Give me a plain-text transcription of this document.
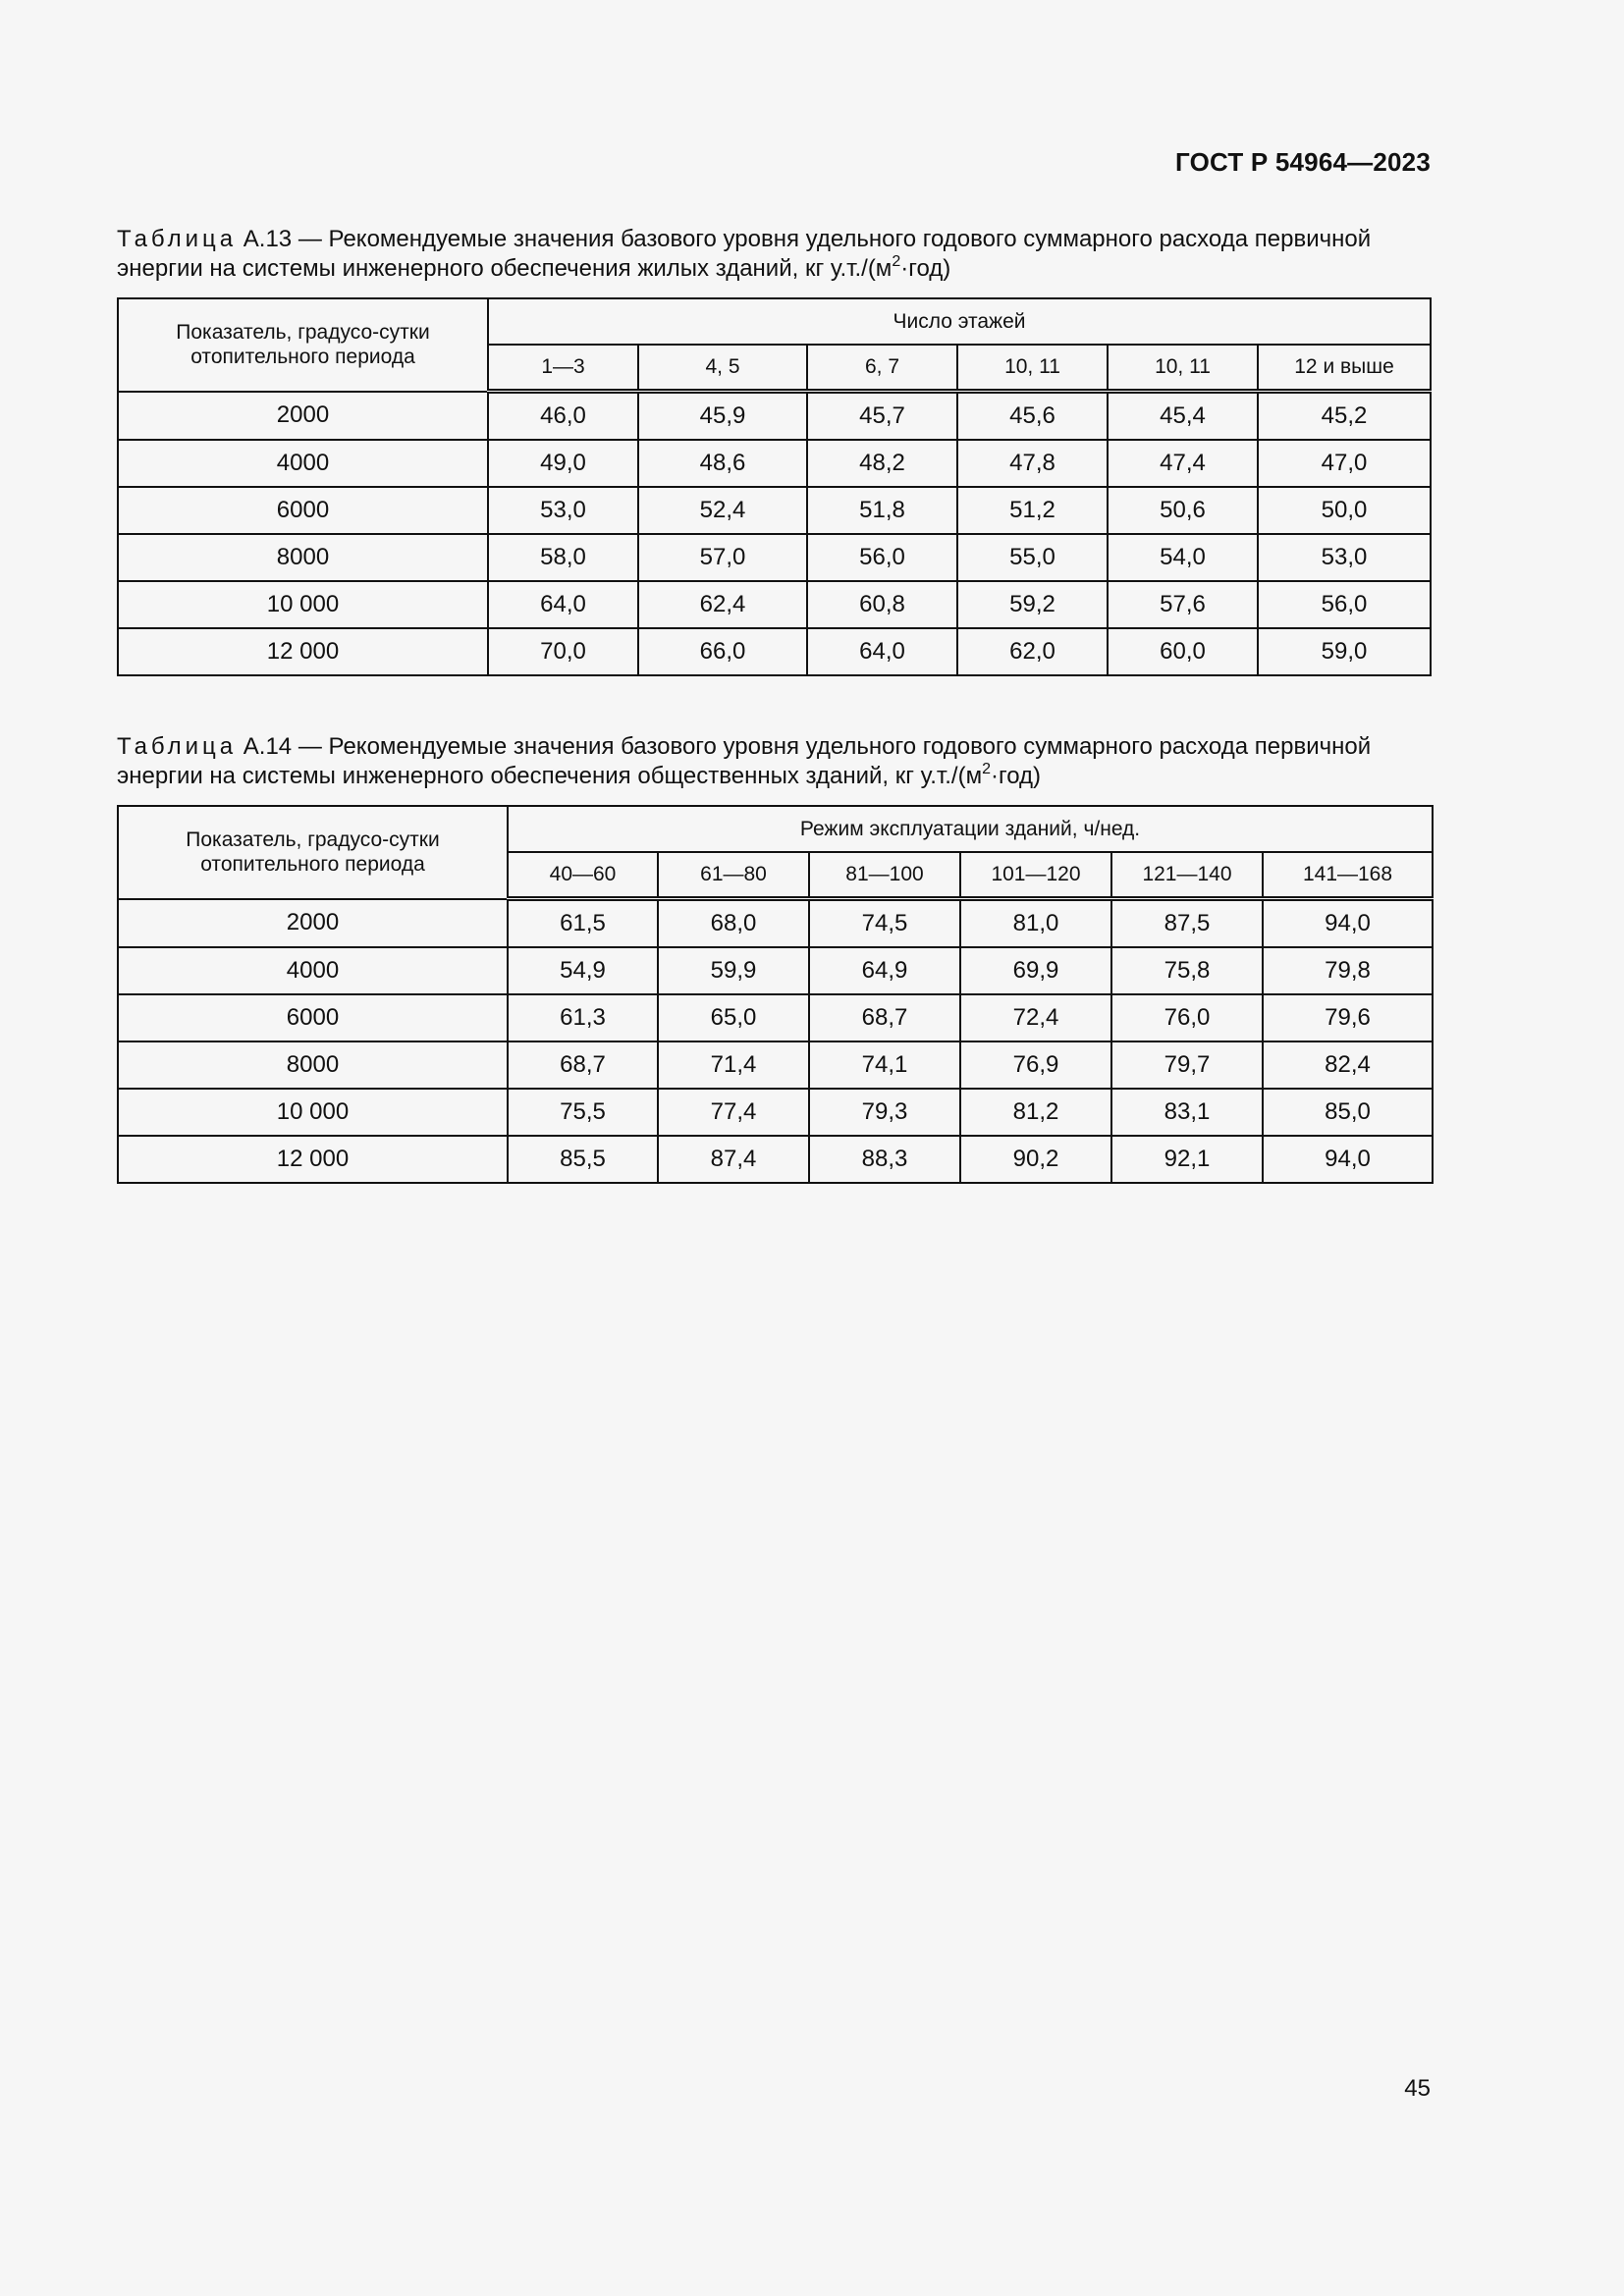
ГОСТ Р 54964—2023
Таблица А.13 — Рекомендуемые значения базового уровня удельного годового суммарного расхода первичной энергии на системы инженерного обеспечения жилых зданий, кг $у.т./(м^2\cdot год)$
Показатель, градусо-сутки отопительного периода	Число этажей					
	1—3	4, 5	6, 7	10, 11	10, 11	12 и выше
2000	46,0	45,9	45,7	45,6	45,4	45,2
4000	49,0	48,6	48,2	47,8	47,4	47,0
6000	53,0	52,4	51,8	51,2	50,6	50,0
8000	58,0	57,0	56,0	55,0	54,0	53,0
10 000	64,0	62,4	60,8	59,2	57,6	56,0
12 000	70,0	66,0	64,0	62,0	60,0	59,0
Таблица А.14 — Рекомендуемые значения базового уровня удельного годового суммарного расхода первичной энергии на системы инженерного обеспечения общественных зданий, кг $у.т./(м^2\cdot год)$
Показатель, градусо-сутки отопительного периода	Режим эксплуатации зданий, ч/нед.					
	40—60	61—80	81—100	101—120	121—140	141—168
2000	61,5	68,0	74,5	81,0	87,5	94,0
4000	54,9	59,9	64,9	69,9	75,8	79,8
6000	61,3	65,0	68,7	72,4	76,0	79,6
8000	68,7	71,4	74,1	76,9	79,7	82,4
10 000	75,5	77,4	79,3	81,2	83,1	85,0
12 000	85,5	87,4	88,3	90,2	92,1	94,0
45
